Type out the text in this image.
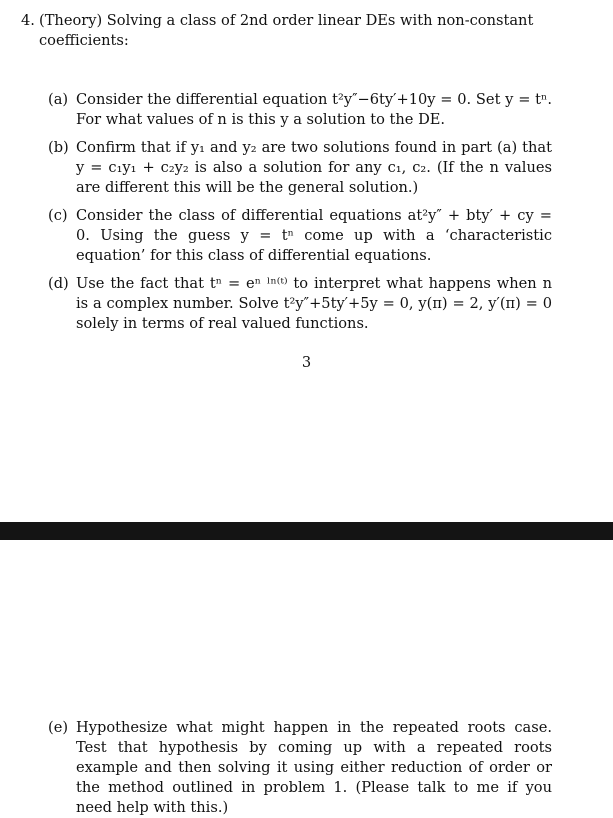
4. (Theory) Solving a class of 2nd order linear DEs with non-constant coefficients:
(a) Consider the differential equation t²y″−6ty′+10y = 0. Set y = tⁿ. For what values of n is this y a solution to the DE.
(b) Confirm that if y₁ and y₂ are two solutions found in part (a) that y = c₁y₁ + c₂y₂ is also a solution for any c₁, c₂. (If the n values are different this will be the general solution.)
(c) Consider the class of differential equations at²y″ + bty′ + cy = 0. Using the guess y = tⁿ come up with a ‘characteristic equation’ for this class of differential equations.
(d) Use the fact that tⁿ = eⁿ ˡⁿ⁽ᵗ⁾ to interpret what happens when n is a complex number. Solve t²y″+5ty′+5y = 0, y(π) = 2, y′(π) = 0 solely in terms of real valued functions.
3
(e) Hypothesize what might happen in the repeated roots case. Test that hypothesis by coming up with a repeated roots example and then solving it using either reduction of order or the method outlined in problem 1. (Please talk to me if you need help with this.)
